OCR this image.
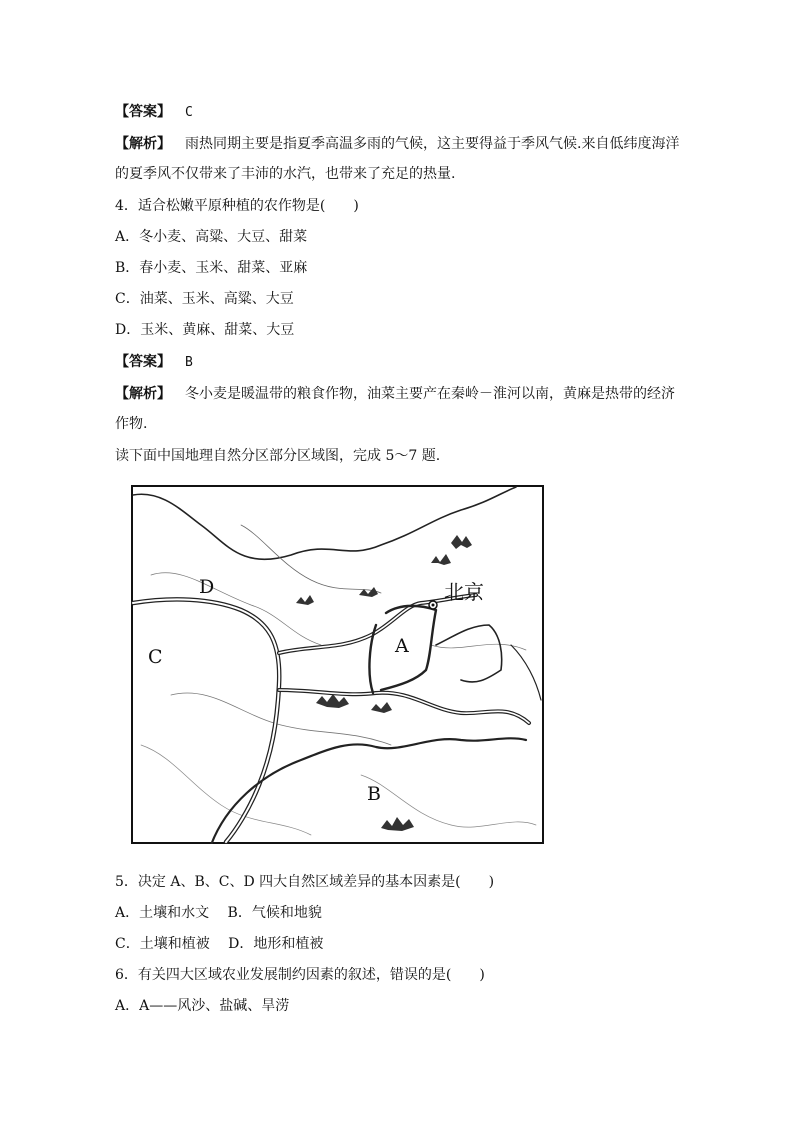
【答案】 C
【解析】 雨热同期主要是指夏季高温多雨的气候，这主要得益于季风气候.来自低纬度海洋
的夏季风不仅带来了丰沛的水汽，也带来了充足的热量.
4．适合松嫩平原种植的农作物是(　　)
A．冬小麦、高粱、大豆、甜菜
B．春小麦、玉米、甜菜、亚麻
C．油菜、玉米、高粱、大豆
D．玉米、黄麻、甜菜、大豆
【答案】 B
【解析】 冬小麦是暖温带的粮食作物，油菜主要产在秦岭－淮河以南，黄麻是热带的经济
作物.
读下面中国地理自然分区部分区域图，完成 5～7 题.
D
C	A
B
北京
5．决定 A、B、C、D 四大自然区域差异的基本因素是(　　)
A．土壤和水文　 B．气候和地貌
C．土壤和植被　 D．地形和植被
6．有关四大区域农业发展制约因素的叙述，错误的是(　　)
A．A——风沙、盐碱、旱涝
